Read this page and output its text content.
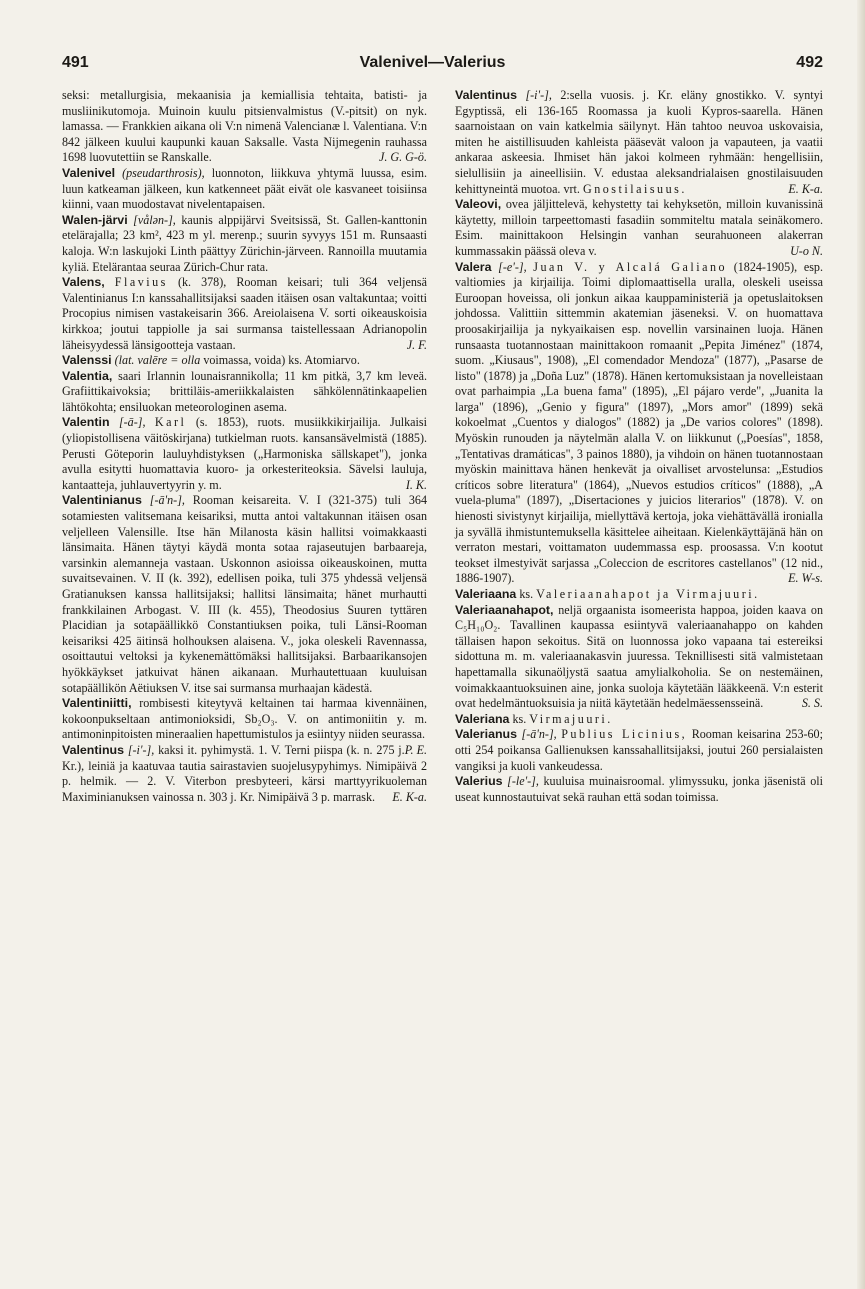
491	Valenivel—Valerius	492

seksi: metallurgisia, mekaanisia ja kemiallisia tehtaita, batisti- ja musliinikutomoja. Muinoin kuulu pitsienvalmistus (V.-pitsit) on nyk. lamassa. — Frankkien aikana oli V:n nimenä Valencianæ l. Valentiana. V:n 842 jälkeen kuului kaupunki kauan Saksalle. Vasta Nijmegenin rauhassa 1698 luovutettiin se Ranskalle.	J. G. G-ö.

Valenivel (pseudarthrosis), luonnoton, liikkuva yhtymä luussa, esim. luun katkeaman jälkeen, kun katkenneet päät eivät ole kasvaneet toisiinsa kiinni, vaan muodostavat nivelentapaisen.

Walen-järvi [vålən-], kaunis alppijärvi Sveitsissä, St. Gallen-kanttonin etelärajalla; 23 km², 423 m yl. merenp.; suurin syvyys 151 m. Runsaasti kaloja. W:n laskujoki Linth päättyy Zürichin-järveen. Rannoilla muutamia kyliä. Etelärantaa seuraa Zürich-Chur rata.

Valens, Flavius (k. 378), Rooman keisari; tuli 364 veljensä Valentinianus I:n kanssahallitsijaksi saaden itäisen osan valtakuntaa; voitti Procopius nimisen vastakeisarin 366. Areiolaisena V. sorti oikeauskoisia kirkkoa; joutui tappiolle ja sai surmansa taistellessaan Adrianopolin läheisyydessä länsigootteja vastaan.	J. F.

Valenssi (lat. valēre = olla voimassa, voida) ks. Atomiarvo.

Valentia, saari Irlannin lounaisrannikolla; 11 km pitkä, 3,7 km leveä. Grafiittikaivoksia; brittiläis-ameriikkalaisten sähkölennätinkaapelien lähtökohta; ensiluokan meteorologinen asema.

Valentin [-ā-], Karl (s. 1853), ruots. musiikkikirjailija. Julkaisi (yliopistollisena väitöskirjana) tutkielman ruots. kansansävelmistä (1885). Perusti Göteporin lauluyhdistyksen („Harmoniska sällskapet"), jonka avulla esitytti huomattavia kuoro- ja orkesteriteoksia. Sävelsi lauluja, kantaatteja, juhlauvertyyrin y. m.	I. K.

Valentinianus [-ā'n-], Rooman keisareita. V. I (321-375) tuli 364 sotamiesten valitsemana keisariksi, mutta antoi valtakunnan itäisen osan veljelleen Valensille. Itse hän Milanosta käsin hallitsi voimakkaasti länsimaita. Hänen täytyi käydä monta sotaa rajaseutujen barbaareja, varsinkin alemanneja vastaan. Uskonnon asioissa oikeauskoinen, mutta suvaitsevainen. V. II (k. 392), edellisen poika, tuli 375 yhdessä veljensä Gratianuksen kanssa hallitsijaksi; hallitsi länsimaita; hänet murhautti frankkilainen Arbogast. V. III (k. 455), Theodosius Suuren tyttären Placidian ja sotapäällikkö Constantiuksen poika, tuli Länsi-Rooman keisariksi 425 äitinsä holhouksen alaisena. V., joka oleskeli Ravennassa, osoittautui veltoksi ja kykenemättömäksi hallitsijaksi. Barbaarikansojen hyökkäykset jatkuivat hänen aikanaan. Murhautettuaan kuuluisan sotapäällikön Aëtiuksen V. itse sai surmansa murhaajan kädestä.

Valentiniitti, rombisesti kiteytyvä keltainen tai harmaa kivennäinen, kokoonpukseltaan antimonioksidi, Sb₂O₃. V. on antimoniitin y. m. antimoninpitoisten mineraalien hapettumistulos ja esiintyy niiden seurassa.
P. E.

Valentinus [-i'-], kaksi it. pyhimystä. 1. V. Terni piispa (k. n. 275 j. Kr.), leiniä ja kaatuvaa tautia sairastavien suojelusypyhimys. Nimipäivä 2 p. helmik. — 2. V. Viterbon presbyteeri, kärsi marttyyrikuoleman Maximinianuksen vainossa n. 303 j. Kr. Nimipäivä 3 p. marrask. E. K-a.

Valentinus [-i'-], 2:sella vuosis. j. Kr. eläny gnostikko. V. syntyi Egyptissä, eli 136-165 Roomassa ja kuoli Kypros-saarella. Hänen saarnoistaan on vain katkelmia säilynyt. Hän tahtoo neuvoa uskovaisia, miten he aistillisuuden kahleista pääsevät valoon ja vapauteen, ja vaatii ankaraa askeesia. Ihmiset hän jakoi kolmeen ryhmään: hengellisiin, sielullisiin ja aineellisiin. V. edustaa aleksandrialaisen gnostilaisuuden kehittyneintä muotoa. vrt. Gnostilaisuus.	E. K-a.

Valeovi, ovea jäljittelevä, kehystetty tai kehyksetön, milloin kuvanissinä käytetty, milloin tarpeettomasti fasadiin sommiteltu matala seinäkomero. Esim. mainittakoon Helsingin vanhan seurahuoneen alakerran kummassakin päässä oleva v.	U-o N.

Valera [-e'-], Juan V. y Alcalá Galiano (1824-1905), esp. valtiomies ja kirjailija. Toimi diplomaattisella uralla, oleskeli useissa Euroopan hoveissa, oli jonkun aikaa kauppaministeriä ja opetuslaitoksen johdossa. Valittiin sittemmin akatemian jäseneksi. V. on huomattava proosakirjailija ja nykyaikaisen esp. novellin varsinainen luoja. Hänen runsaasta tuotannostaan mainittakoon romaanit „Pepita Jiménez" (1874, suom. „Kiusaus", 1908), „El comendador Mendoza" (1877), „Pasarse de listo" (1878) ja „Doña Luz" (1878). Hänen kertomuksistaan ja novelleistaan ovat parhaimpia „La buena fama" (1895), „El pájaro verde", „Juanita la larga" (1896), „Genio y figura" (1897), „Mors amor" (1899) sekä kokoelmat „Cuentos y dialogos" (1882) ja „De varios colores" (1898). Myöskin runouden ja näytelmän alalla V. on liikkunut („Poesías", 1858, „Tentativas dramáticas", 3 painos 1880), ja vihdoin on hänen tuotannostaan myöskin mainittava hänen henkevät ja oivalliset arvostelunsa: „Estudios críticos sobre literatura" (1864), „Nuevos estudios críticos" (1888), „A vuela-pluma" (1897), „Disertaciones y juicios literarios" (1878). V. on hienosti sivistynyt kirjailija, miellyttävä kertoja, joka viehättävällä ironialla ja syvällä ihmistuntemuksella käsittelee aiheitaan. Kielenkäyttäjänä hän on verraton mestari, voittamaton uudemmassa esp. proosassa. V:n kootut teokset ilmestyivät sarjassa „Coleccion de escritores castellanos" (12 nid., 1886-1907).	E. W-s.

Valeriaana ks. Valeriaanahapot ja Virmajuuri.

Valeriaanahapot, neljä orgaanista isomeerista happoa, joiden kaava on C₅H₁₀O₂. Tavallinen kaupassa esiintyvä valeriaanahappo on kahden tällaisen hapon sekoitus. Sitä on luonnossa joko vapaana tai estereiksi sidottuna m. m. valeriaanakasvin juuressa. Teknillisesti sitä valmistetaan hapettamalla sikunaöljystä saatua amylialkoholia. Se on nestemäinen, voimakkaantuoksuinen aine, jonka suoloja käytetään lääkkeenä. V:n esterit ovat hedelmäntuoksuisia ja niitä käytetään hedelmäessensseinä.	S. S.

Valeriana ks. Virmajuuri.

Valerianus [-ā'n-], Publius Licinius, Rooman keisarina 253-60; otti 254 poikansa Gallienuksen kanssahallitsijaksi, joutui 260 persialaisten vangiksi ja kuoli vankeudessa.

Valerius [-le'-], kuuluisa muinaisroomal. ylimyssuku, jonka jäsenistä oli useat kunnostautuivat sekä rauhan että sodan toimissa.
